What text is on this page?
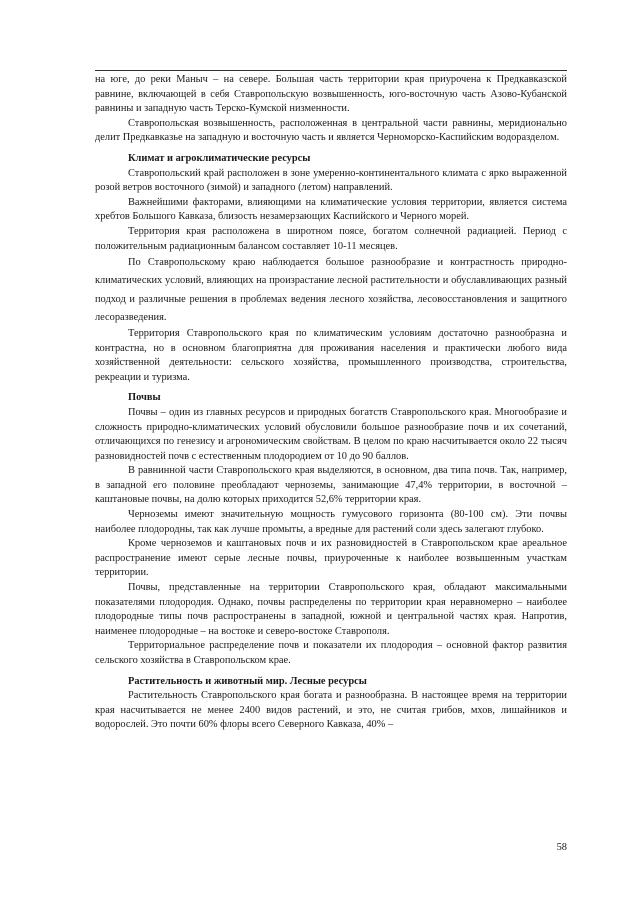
на юге, до реки Маныч – на севере. Большая часть территории края приурочена к Предкавказской равнине, включающей в себя Ставропольскую возвышенность, юго-восточную часть Азово-Кубанской равнины и западную часть Терско-Кумской низменности.

Ставропольская возвышенность, расположенная в центральной части равнины, меридионально делит Предкавказье на западную и восточную часть и является Черноморско-Каспийским водоразделом.

Климат и агроклиматические ресурсы

Ставропольский край расположен в зоне умеренно-континентального климата с ярко выраженной розой ветров восточного (зимой) и западного (летом) направлений.

Важнейшими факторами, влияющими на климатические условия территории, является система хребтов Большого Кавказа, близость незамерзающих Каспийского и Черного морей.

Территория края расположена в широтном поясе, богатом солнечной радиацией. Период с положительным радиационным балансом составляет 10-11 месяцев.

По Ставропольскому краю наблюдается большое разнообразие и контрастность природно-климатических условий, влияющих на произрастание лесной растительности и обуславливающих разный подход и различные решения в проблемах ведения лесного хозяйства, лесовосстановления и защитного лесоразведения.

Территория Ставропольского края по климатическим условиям достаточно разнообразна и контрастна, но в основном благоприятна для проживания населения и практически любого вида хозяйственной деятельности: сельского хозяйства, промышленного производства, строительства, рекреации и туризма.

Почвы

Почвы – один из главных ресурсов и природных богатств Ставропольского края. Многообразие и сложность природно-климатических условий обусловили большое разнообразие почв и их сочетаний, отличающихся по генезису и агрономическим свойствам. В целом по краю насчитывается около 22 тысяч разновидностей почв с естественным плодородием от 10 до 90 баллов.

В равнинной части Ставропольского края выделяются, в основном, два типа почв. Так, например, в западной его половине преобладают черноземы, занимающие 47,4% территории, в восточной – каштановые почвы, на долю которых приходится 52,6% территории края.

Черноземы имеют значительную мощность гумусового горизонта (80-100 см). Эти почвы наиболее плодородны, так как лучше промыты, а вредные для растений соли здесь залегают глубоко.

Кроме черноземов и каштановых почв и их разновидностей в Ставропольском крае ареальное распространение имеют серые лесные почвы, приуроченные к наиболее возвышенным участкам территории.

Почвы, представленные на территории Ставропольского края, обладают максимальными показателями плодородия. Однако, почвы распределены по территории края неравномерно – наиболее плодородные типы почв распространены в западной, южной и центральной частях края. Напротив, наименее плодородные – на востоке и северо-востоке Ставрополя.

Территориальное распределение почв и показатели их плодородия – основной фактор развития сельского хозяйства в Ставропольском крае.

Растительность и животный мир. Лесные ресурсы

Растительность Ставропольского края богата и разнообразна. В настоящее время на территории края насчитывается не менее 2400 видов растений, и это, не считая грибов, мхов, лишайников и водорослей. Это почти 60% флоры всего Северного Кавказа, 40% –

58
